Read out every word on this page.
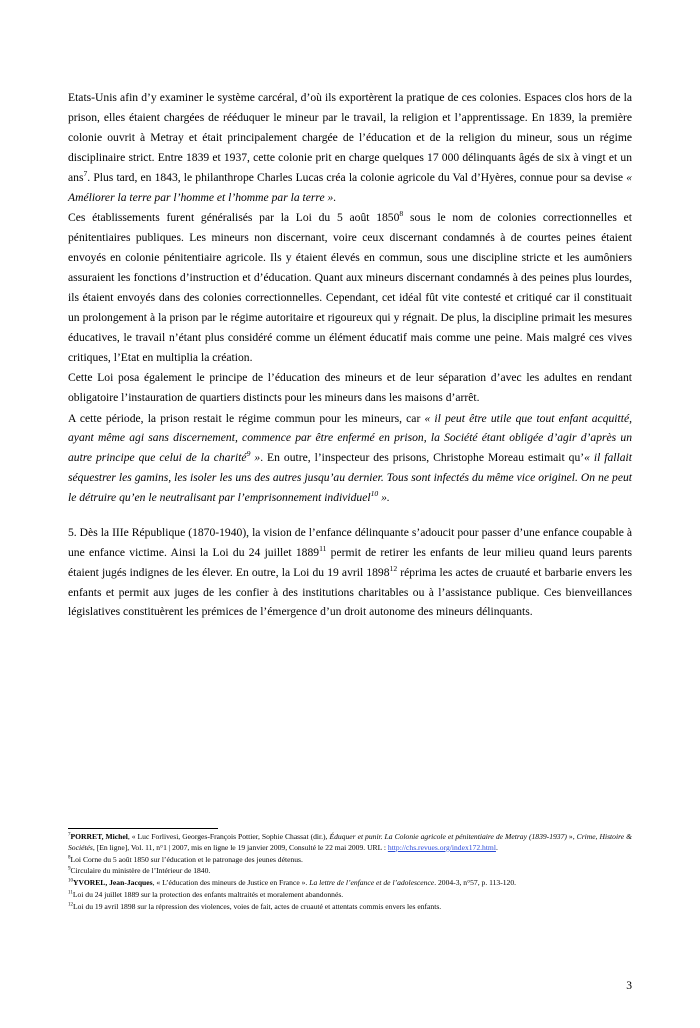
Etats-Unis afin d’y examiner le système carcéral, d’où ils exportèrent la pratique de ces colonies. Espaces clos hors de la prison, elles étaient chargées de rééduquer le mineur par le travail, la religion et l’apprentissage. En 1839, la première colonie ouvrit à Metray et était principalement chargée de l’éducation et de la religion du mineur, sous un régime disciplinaire strict. Entre 1839 et 1937, cette colonie prit en charge quelques 17 000 délinquants âgés de six à vingt et un ans$^7$. Plus tard, en 1843, le philanthrope Charles Lucas créa la colonie agricole du Val d’Hyères, connue pour sa devise « Améliorer la terre par l’homme et l’homme par la terre ».

Ces établissements furent généralisés par la Loi du 5 août 1850$^8$ sous le nom de colonies correctionnelles et pénitentiaires publiques. Les mineurs non discernant, voire ceux discernant condamnés à de courtes peines étaient envoyés en colonie pénitentiaire agricole. Ils y étaient élevés en commun, sous une discipline stricte et les aumôniers assuraient les fonctions d’instruction et d’éducation. Quant aux mineurs discernant condamnés à des peines plus lourdes, ils étaient envoyés dans des colonies correctionnelles. Cependant, cet idéal fût vite contesté et critiqué car il constituait un prolongement à la prison par le régime autoritaire et rigoureux qui y régnait. De plus, la discipline primait les mesures éducatives, le travail n’étant plus considéré comme un élément éducatif mais comme une peine. Mais malgré ces vives critiques, l’Etat en multiplia la création.

Cette Loi posa également le principe de l’éducation des mineurs et de leur séparation d’avec les adultes en rendant obligatoire l’instauration de quartiers distincts pour les mineurs dans les maisons d’arrêt.

A cette période, la prison restait le régime commun pour les mineurs, car « il peut être utile que tout enfant acquitté, ayant même agi sans discernement, commence par être enfermé en prison, la Société étant obligée d’agir d’après un autre principe que celui de la charité$^9$ ». En outre, l’inspecteur des prisons, Christophe Moreau estimait qu’« il fallait séquestrer les gamins, les isoler les uns des autres jusqu’au dernier. Tous sont infectés du même vice originel. On ne peut le détruire qu’en le neutralisant par l’emprisonnement individuel$^{10}$ ».

5. Dès la IIIe République (1870-1940), la vision de l’enfance délinquante s’adoucit pour passer d’une enfance coupable à une enfance victime. Ainsi la Loi du 24 juillet 1889$^{11}$ permit de retirer les enfants de leur milieu quand leurs parents étaient jugés indignes de les élever. En outre, la Loi du 19 avril 1898$^{12}$ réprima les actes de cruauté et barbarie envers les enfants et permit aux juges de les confier à des institutions charitables ou à l’assistance publique. Ces bienveillances législatives constituèrent les prémices de l’émergence d’un droit autonome des mineurs délinquants.

$^7$PORRET, Michel, « Luc Forlivesi, Georges-François Pottier, Sophie Chassat (dir.), Éduquer et punir. La Colonie agricole et pénitentiaire de Metray (1839-1937) », Crime, Histoire & Sociétés, [En ligne], Vol. 11, n°1 | 2007, mis en ligne le 19 janvier 2009, Consulté le 22 mai 2009. URL : http://chs.revues.org/index172.html.

$^8$Loi Corne du 5 août 1850 sur l’éducation et le patronage des jeunes détenus.

$^9$Circulaire du ministère de l’Intérieur de 1840.

$^{10}$YVOREL, Jean-Jacques, « L’éducation des mineurs de Justice en France ». La lettre de l’enfance et de l’adolescence. 2004-3, n°57, p. 113-120.

$^{11}$Loi du 24 juillet 1889 sur la protection des enfants maltraités et moralement abandonnés.

$^{12}$Loi du 19 avril 1898 sur la répression des violences, voies de fait, actes de cruauté et attentats commis envers les enfants.

3
